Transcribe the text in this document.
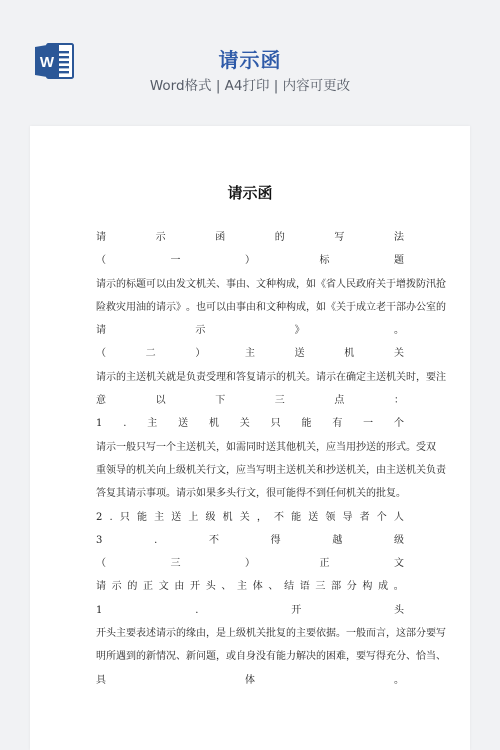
W	请示函
Word格式 | A4打印 | 内容可更改
请示函
请	示	函	的	写	法
（	一	）	标	题
请 示 的 标 题 可 以 由 发 文 机 关 、 事 由 、 文 种 构 成 ， 如 《 省 人 民 政 府 关 于 增 拨 防 汛 抢
险 救 灾 用 油 的 请 示 》 。 也 可 以 由 事 由 和 文 种 构 成 ， 如 《 关 于 成 立 老 干 部 办 公 室 的
请	示	》	。
（	二	）	主	送	机	关
请 示 的 主 送 机 关 就 是 负 责 受 理 和 答 复 请 示 的 机 关 。 请 示 在 确 定 主 送 机 关 时 ， 要 注
意	以	下	三	点	：
1 . 主 送 机 关 只 能 有 一 个
请 示 一 般 只 写 一 个 主 送 机 关 ， 如 需 同 时 送 其 他 机 关 ， 应 当 用 抄 送 的 形 式 。 受 双
重 领 导 的 机 关 向 上 级 机 关 行 文 ， 应 当 写 明 主 送 机 关 和 抄 送 机 关 ， 由 主 送 机 关 负 责
答 复 其 请 示 事 项 。 请 示 如 果 多 头 行 文 ， 很 可 能 得 不 到 任 何 机 关 的 批 复 。
2 . 只 能 主 送 上 级 机 关 ， 不 能 送 领 导 者 个 人
3	.	不	得	越	级
（	三	）	正	文
请 示 的 正 文 由 开 头 、 主 体 、 结 语 三 部 分 构 成 。
1	.	开	头
开 头 主 要 表 述 请 示 的 缘 由 ， 是 上 级 机 关 批 复 的 主 要 依 据 。 一 般 而 言 ， 这 部 分 要 写
明 所 遇 到 的 新 情 况 、 新 问 题 ， 或 自 身 没 有 能 力 解 决 的 困 难 ， 要 写 得 充 分 、 恰 当 、
具	体	。
